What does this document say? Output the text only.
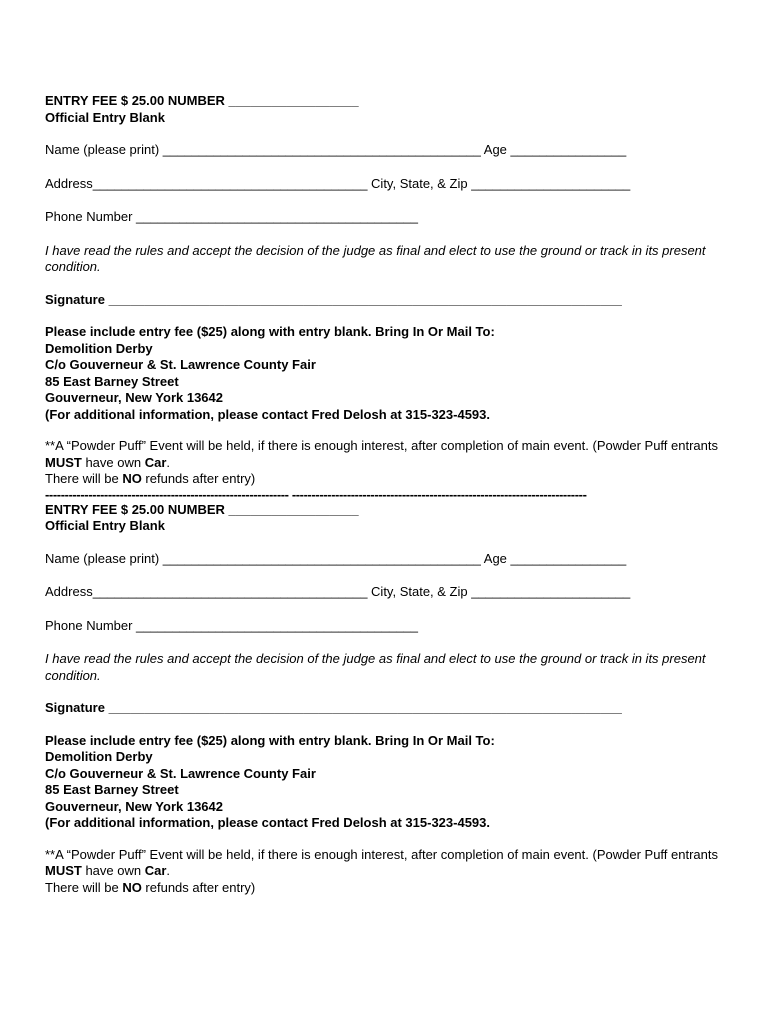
ENTRY FEE $ 25.00 NUMBER __________________
Official Entry Blank
Name (please print) ____________________________________________ Age ________________
Address______________________________________ City, State, & Zip ______________________
Phone Number _______________________________________
I have read the rules and accept the decision of the judge as final and elect to use the ground or track in its present condition.
Signature _______________________________________________________________________
Please include entry fee ($25) along with entry blank. Bring In Or Mail To:
Demolition Derby
C/o Gouverneur & St. Lawrence County Fair
85 East Barney Street
Gouverneur, New York 13642
(For additional information, please contact Fred Delosh at 315-323-4593.
**A “Powder Puff” Event will be held, if there is enough interest, after completion of main event. (Powder Puff entrants MUST have own Car.
There will be NO refunds after entry)
-------------------------------------------------------------- ---------------------------------------------------------------------------
ENTRY FEE $ 25.00 NUMBER __________________
Official Entry Blank
Name (please print) ____________________________________________ Age ________________
Address______________________________________ City, State, & Zip ______________________
Phone Number _______________________________________
I have read the rules and accept the decision of the judge as final and elect to use the ground or track in its present condition.
Signature _______________________________________________________________________
Please include entry fee ($25) along with entry blank. Bring In Or Mail To:
Demolition Derby
C/o Gouverneur & St. Lawrence County Fair
85 East Barney Street
Gouverneur, New York 13642
(For additional information, please contact Fred Delosh at 315-323-4593.
**A “Powder Puff” Event will be held, if there is enough interest, after completion of main event. (Powder Puff entrants MUST have own Car.
There will be NO refunds after entry)
